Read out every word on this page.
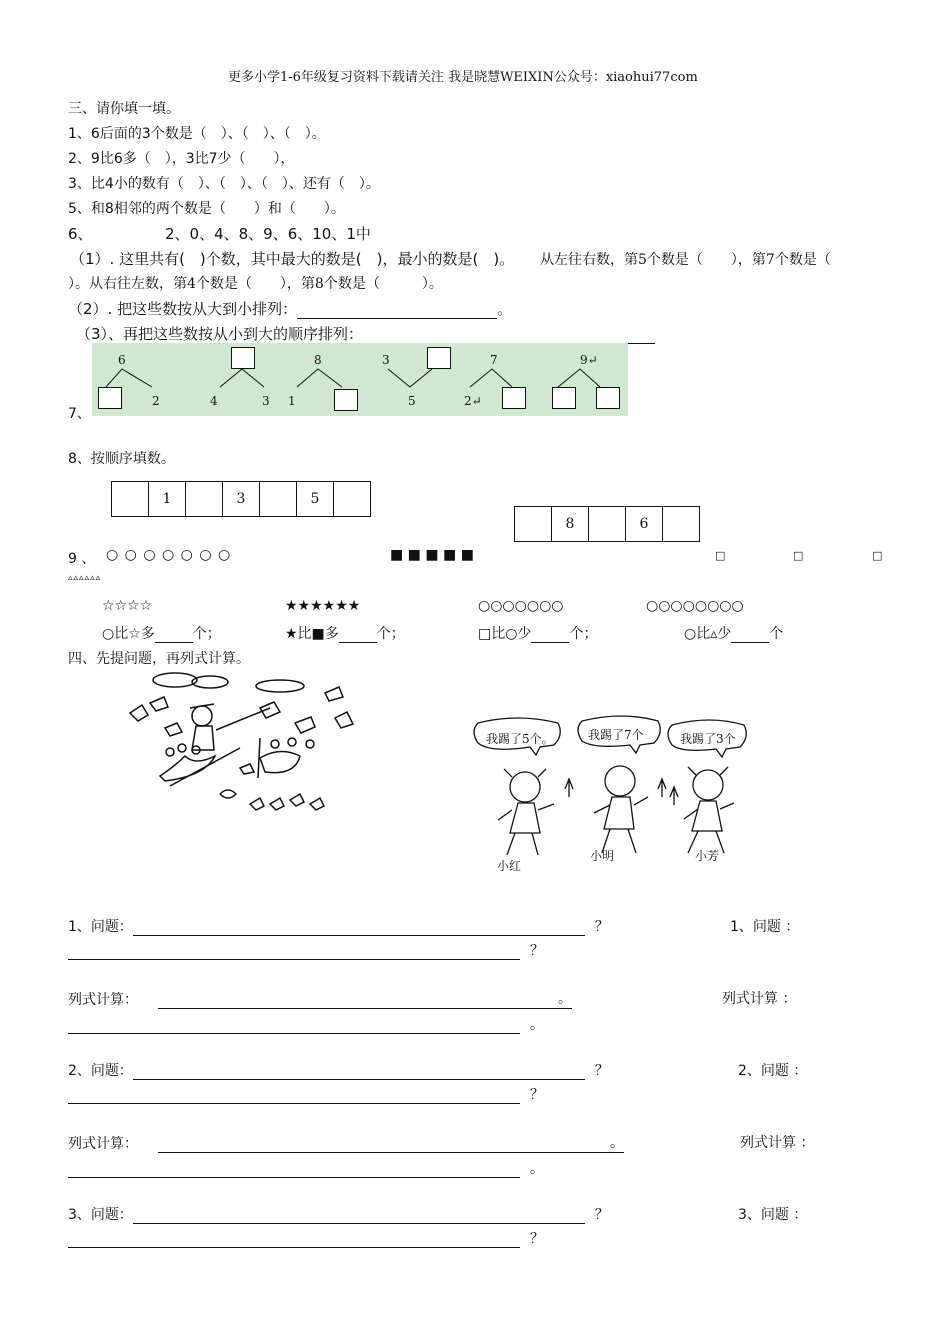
更多小学1-6年级复习资料下载请关注 我是晓慧WEIXIN公众号：xiaohui77com
三、请你填一填。
1、6后面的3个数是（　）、（　）、（　）。
2、9比6多（　），3比7少（　　），
3、比4小的数有（　）、（　）、（　）、还有（　）。
5、和8相邻的两个数是（　　）和（　　）。
6、	2、0、4、8、9、6、10、1中
（1）. 这里共有(　)个数，其中最大的数是(　)，最小的数是(　)。 从左往右数，第5个数是（　　），第7个数是（
）。从右往左数，第4个数是（　　），第8个数是（　　　）。
（2）. 把这些数按从大到小排列：	。
（3）、再把这些数按从小到大的顺序排列：
7、
6
2	4	3
8
1
3
5
7
2↵
9↵
8、按顺序填数。
	1		3		5	
	8		6	
9 、 ○ ○ ○ ○ ○ ○ ○	■ ■ ■ ■ ■	□	□	□
▵▵▵▵▵▵
☆☆☆☆	★★★★★★	○○○○○○○	○○○○○○○○
○比☆多	个；	★比■多	个；	□比○少	个；	○比▵少	个
四、先提问题，再列式计算。
我踢了5个。	我踢了7个	我踢了3个
小红
小明	小芳
1、问题：	？	1、问题 ：
？
列式计算：	。	列式计算 ：
。
2、问题：	？	2、问题 ：
？
列式计算：	。	列式计算 ：
。
3、问题：	？	3、问题 ：
？
